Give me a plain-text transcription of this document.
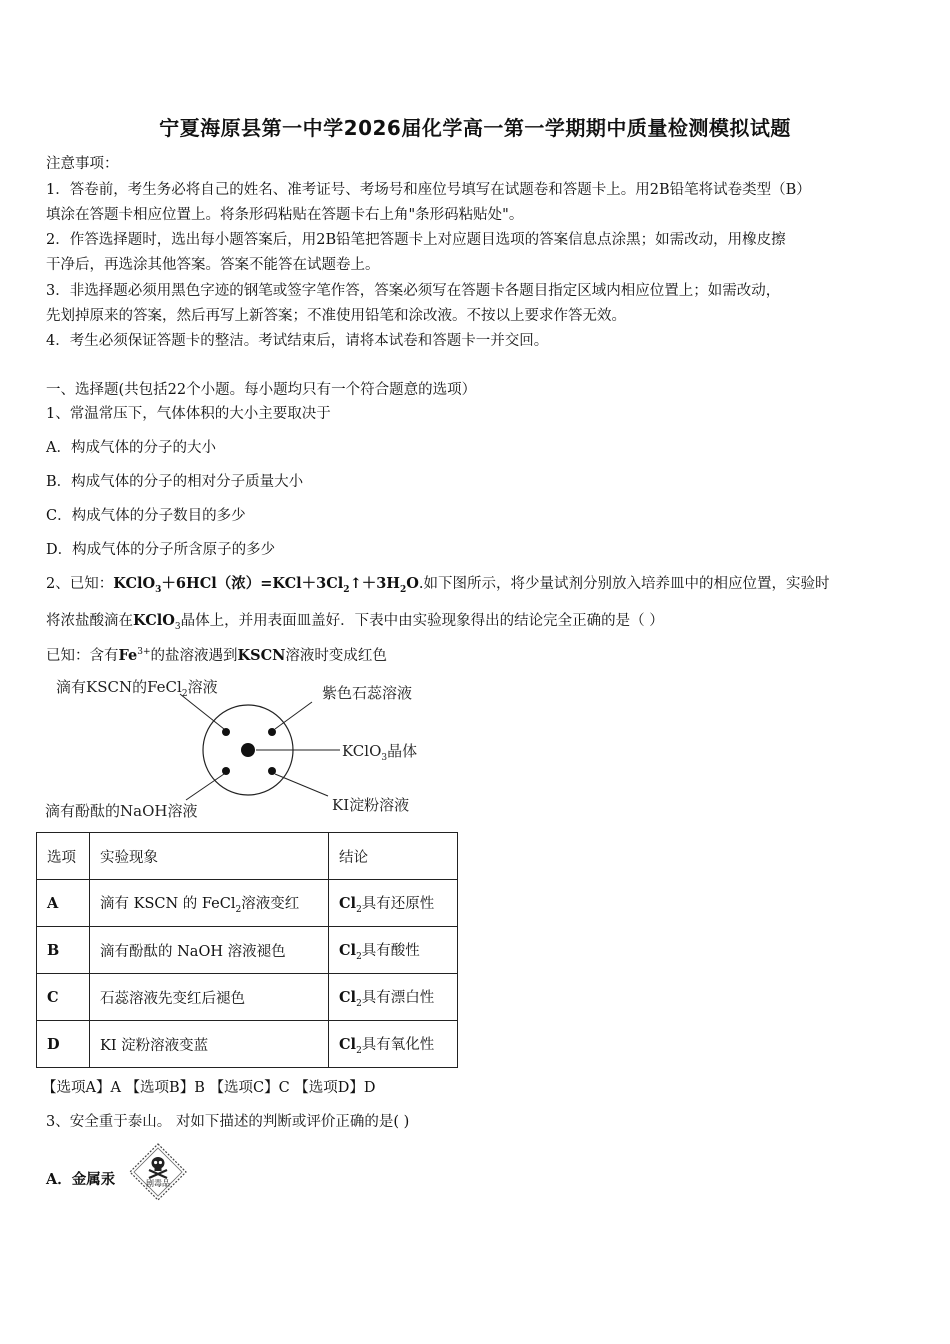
宁夏海原县第一中学2026届化学高一第一学期期中质量检测模拟试题
注意事项：
1．答卷前，考生务必将自己的姓名、准考证号、考场号和座位号填写在试题卷和答题卡上。用2B铅笔将试卷类型（B）
填涂在答题卡相应位置上。将条形码粘贴在答题卡右上角"条形码粘贴处"。
2．作答选择题时，选出每小题答案后，用2B铅笔把答题卡上对应题目选项的答案信息点涂黑；如需改动，用橡皮擦
干净后，再选涂其他答案。答案不能答在试题卷上。
3．非选择题必须用黑色字迹的钢笔或签字笔作答，答案必须写在答题卡各题目指定区域内相应位置上；如需改动，
先划掉原来的答案，然后再写上新答案；不准使用铅笔和涂改液。不按以上要求作答无效。
4．考生必须保证答题卡的整洁。考试结束后，请将本试卷和答题卡一并交回。
一、选择题(共包括22个小题。每小题均只有一个符合题意的选项）
1、常温常压下，气体体积的大小主要取决于
A．构成气体的分子的大小
B．构成气体的分子的相对分子质量大小
C．构成气体的分子数目的多少
D．构成气体的分子所含原子的多少
2、已知：KClO$_3$＋6HCl（浓）$=KCl+3Cl_2↑+3H_2O$.如下图所示，将少量试剂分别放入培养皿中的相应位置，实验时
将浓盐酸滴在KClO$_3$晶体上，并用表面皿盖好．下表中由实验现象得出的结论完全正确的是（ ）
已知：含有$Fe^{3+}$的盐溶液遇到KSCN溶液时变成红色
滴有KSCN的FeCl$_2$溶液	紫色石蕊溶液
KClO$_3$晶体
滴有酚酞的NaOH溶液	KI淀粉溶液
选项	实验现象	结论
A	滴有 KSCN 的 FeCl$_2$溶液变红	$Cl_2$具有还原性
B	滴有酚酞的 NaOH 溶液褪色	$Cl_2$具有酸性
C	石蕊溶液先变红后褪色	$Cl_2$具有漂白性
D	KI 淀粉溶液变蓝	$Cl_2$具有氧化性
【选项A】A 【选项B】B 【选项C】C 【选项D】D
3、安全重于泰山。 对如下描述的判断或评价正确的是( )
A．金属汞	剧毒品
